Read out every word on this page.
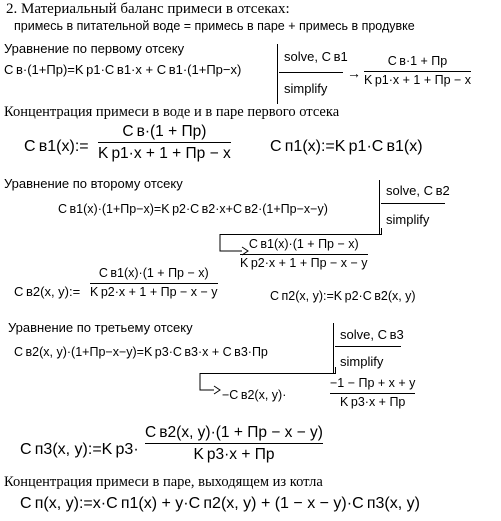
2. Материальный баланс примеси в отсеках:
примесь в питательной воде = примесь в паре + примесь в продувке
Уравнение по первому отсеку
C в·(1+Пр)=K р1·C в1·x + C в1·(1+Пр−x)
solve, C в1
simplify
→
C в·1 + Пр
K р1·x + 1 + Пр − x
Концентрация примеси в воде и в паре первого отсека
C в1(x):=
C в·(1 + Пр)
K р1·x + 1 + Пр − x C п1(x):=K р1·C в1(x)
Уравнение по второму отсеку
C в1(x)·(1+Пр−x)=K р2·C в2·x+C в2·(1+Пр−x−y)
solve, C в2
simplify
C в1(x)·(1 + Пр − x)
K р2·x + 1 + Пр − x − y
C в2(x, y):=
C в1(x)·(1 + Пр − x)
K р2·x + 1 + Пр − x − y	C п2(x, y):=K р2·C в2(x, y)
Уравнение по третьему отсеку
C в2(x, y)·(1+Пр−x−y)=K р3·C в3·x + C в3·Пр
solve, C в3
simplify
−C в2(x, y)·
−1 − Пр + x + y
K р3·x + Пр
C п3(x, y):=K р3·
C в2(x, y)·(1 + Пр − x − y)
K р3·x + Пр
Концентрация примеси в паре, выходящем из котла
C п(x, y):=x·C п1(x) + y·C п2(x, y) + (1 − x − y)·C п3(x, y)
